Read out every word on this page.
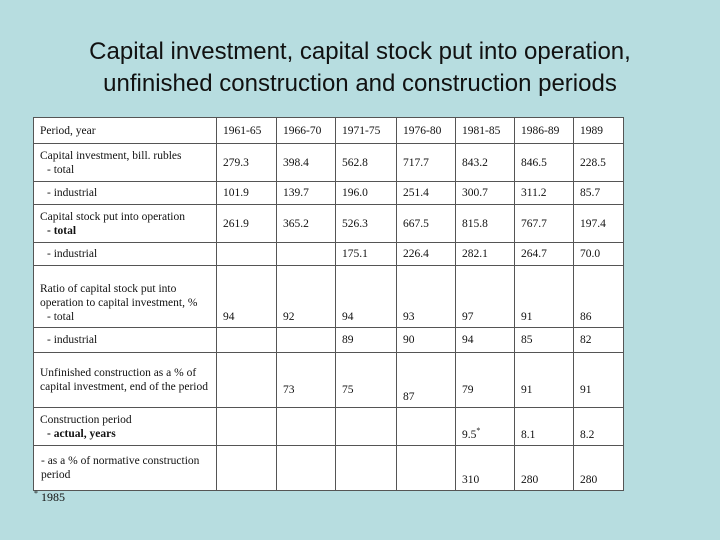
Capital investment, capital stock put into operation,
unfinished construction and construction periods
Period, year	1961-65	1966-70	1971-75	1976-80	1981-85	1986-89	1989

Capital investment, bill. rubles
- total	279.3	398.4	562.8	717.7	843.2	846.5	228.5
- industrial	101.9	139.7	196.0	251.4	300.7	311.2	85.7

Capital stock put into operation
- total	261.9	365.2	526.3	667.5	815.8	767.7	197.4
- industrial			175.1	226.4	282.1	264.7	70.0

Ratio of capital stock put into operation to capital investment, %
- total	94	92	94	93	97	91	86
- industrial			89	90	94	85	82
Unfinished construction as a % of capital investment, end of the period		73	75	87	79	91	91

Construction period
- actual, years					9.5*	8.1	8.2
- as a % of normative construction period					310	280	280
* 1985
